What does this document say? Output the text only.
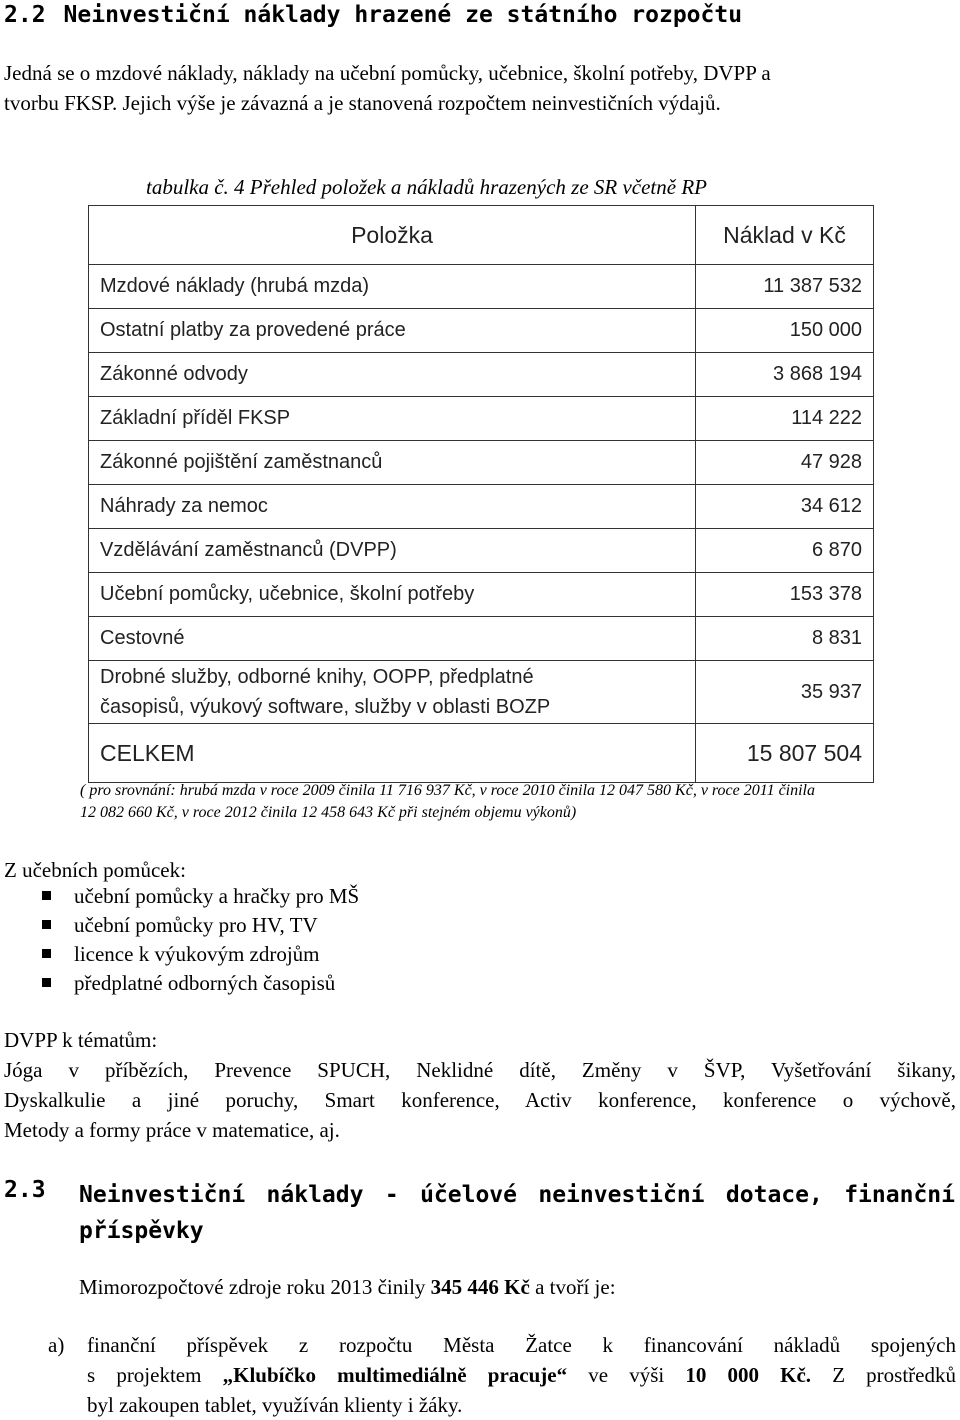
2.2 Neinvestiční náklady hrazené ze státního rozpočtu
Jedná se o mzdové náklady, náklady na učební pomůcky, učebnice, školní potřeby, DVPP a
tvorbu FKSP. Jejich výše je závazná a je stanovená rozpočtem neinvestičních výdajů.
tabulka č. 4 Přehled položek a nákladů hrazených ze SR včetně RP
Položka	Náklad v Kč
Mzdové náklady (hrubá mzda)	11 387 532
Ostatní platby za provedené práce	150 000
Zákonné odvody	3 868 194
Základní příděl FKSP	114 222
Zákonné pojištění zaměstnanců	47 928
Náhrady za nemoc	34 612
Vzdělávání zaměstnanců (DVPP)	6 870
Učební pomůcky, učebnice, školní potřeby	153 378
Cestovné	8 831

Drobné služby, odborné knihy, OOPP, předplatné
časopisů, výukový software, služby v oblasti BOZP	35 937
CELKEM	15 807 504
( pro srovnání: hrubá mzda v roce 2009 činila 11 716 937 Kč, v roce 2010 činila 12 047 580 Kč, v roce 2011 činila
12 082 660 Kč, v roce 2012 činila 12 458 643 Kč při stejném objemu výkonů)
Z učebních pomůcek:
učební pomůcky a hračky pro MŠ
učební pomůcky pro HV, TV
licence k výukovým zdrojům
předplatné odborných časopisů
DVPP k tématům:
Jóga v příbězích, Prevence SPUCH, Neklidné dítě, Změny v ŠVP, Vyšetřování šikany,
Dyskalkulie a jiné poruchy, Smart konference, Activ konference, konference o výchově,
Metody a formy práce v matematice, aj.
2.3 Neinvestiční náklady - účelové neinvestiční dotace, finanční
příspěvky
Mimorozpočtové zdroje roku 2013 činily 345 446 Kč a tvoří je:
a) finanční příspěvek z rozpočtu Města Žatce k financování nákladů spojených
s projektem „Klubíčko multimediálně pracuje“ ve výši 10 000 Kč. Z prostředků
byl zakoupen tablet, využíván klienty i žáky.
